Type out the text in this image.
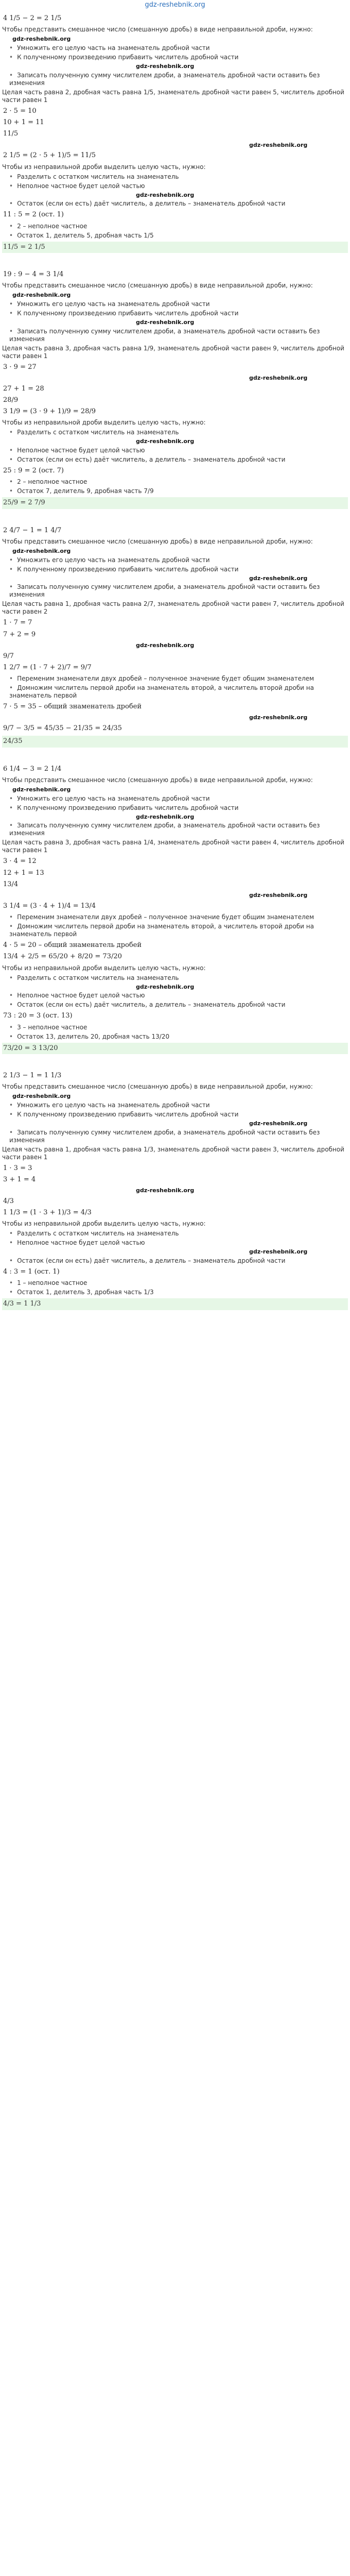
gdz-reshebnik.org
4 1/5 − 2 = 2 1/5
Чтобы представить смешанное число (смешанную дробь) в виде неправильной дроби, нужно:
gdz-reshebnik.org
• Умножить его целую часть на знаменатель дробной части
• К полученному произведению прибавить числитель дробной части
gdz-reshebnik.org
• Записать полученную сумму числителем дроби, а знаменатель дробной части оставить без изменения
Целая часть равна 2, дробная часть равна 1/5, знаменатель дробной части равен 5, числитель дробной части равен 1
2 · 5 = 10
10 + 1 = 11
11/5
gdz-reshebnik.org
2 1/5 = (2 · 5 + 1)/5 = 11/5
Чтобы из неправильной дроби выделить целую часть, нужно:
• Разделить с остатком числитель на знаменатель
• Неполное частное будет целой частью
gdz-reshebnik.org
• Остаток (если он есть) даёт числитель, а делитель – знаменатель дробной части
11 : 5 = 2 (ост. 1)
• 2 – неполное частное
• Остаток 1, делитель 5, дробная часть 1/5
11/5 = 2 1/5
19 : 9 − 4 = 3 1/4
Чтобы представить смешанное число (смешанную дробь) в виде неправильной дроби, нужно:
gdz-reshebnik.org
• Умножить его целую часть на знаменатель дробной части
• К полученному произведению прибавить числитель дробной части
gdz-reshebnik.org
• Записать полученную сумму числителем дроби, а знаменатель дробной части оставить без изменения
Целая часть равна 3, дробная часть равна 1/9, знаменатель дробной части равен 9, числитель дробной части равен 1
3 · 9 = 27
gdz-reshebnik.org
27 + 1 = 28
28/9
3 1/9 = (3 · 9 + 1)/9 = 28/9
Чтобы из неправильной дроби выделить целую часть, нужно:
• Разделить с остатком числитель на знаменатель
gdz-reshebnik.org
• Неполное частное будет целой частью
• Остаток (если он есть) даёт числитель, а делитель – знаменатель дробной части
25 : 9 = 2 (ост. 7)
• 2 – неполное частное
• Остаток 7, делитель 9, дробная часть 7/9
25/9 = 2 7/9
2 4/7 − 1 = 1 4/7
Чтобы представить смешанное число (смешанную дробь) в виде неправильной дроби, нужно:
gdz-reshebnik.org
• Умножить его целую часть на знаменатель дробной части
• К полученному произведению прибавить числитель дробной части
gdz-reshebnik.org
• Записать полученную сумму числителем дроби, а знаменатель дробной части оставить без изменения
Целая часть равна 1, дробная часть равна 2/7, знаменатель дробной части равен 7, числитель дробной части равен 2
1 · 7 = 7
7 + 2 = 9
gdz-reshebnik.org
9/7
1 2/7 = (1 · 7 + 2)/7 = 9/7
• Переменим знаменатели двух дробей – полученное значение будет общим знаменателем
• Домножим числитель первой дроби на знаменатель второй, а числитель второй дроби на знаменатель первой
7 · 5 = 35 – общий знаменатель дробей
gdz-reshebnik.org
9/7 − 3/5 = 45/35 − 21/35 = 24/35
24/35
6 1/4 − 3 = 2 1/4
Чтобы представить смешанное число (смешанную дробь) в виде неправильной дроби, нужно:
gdz-reshebnik.org
• Умножить его целую часть на знаменатель дробной части
• К полученному произведению прибавить числитель дробной части
gdz-reshebnik.org
• Записать полученную сумму числителем дроби, а знаменатель дробной части оставить без изменения
Целая часть равна 3, дробная часть равна 1/4, знаменатель дробной части равен 4, числитель дробной части равен 1
3 · 4 = 12
12 + 1 = 13
13/4
gdz-reshebnik.org
3 1/4 = (3 · 4 + 1)/4 = 13/4
• Переменим знаменатели двух дробей – полученное значение будет общим знаменателем
• Домножим числитель первой дроби на знаменатель второй, а числитель второй дроби на знаменатель первой
4 · 5 = 20 – общий знаменатель дробей
13/4 + 2/5 = 65/20 + 8/20 = 73/20
Чтобы из неправильной дроби выделить целую часть, нужно:
• Разделить с остатком числитель на знаменатель
gdz-reshebnik.org
• Неполное частное будет целой частью
• Остаток (если он есть) даёт числитель, а делитель – знаменатель дробной части
73 : 20 = 3 (ост. 13)
• 3 – неполное частное
• Остаток 13, делитель 20, дробная часть 13/20
73/20 = 3 13/20
2 1/3 − 1 = 1 1/3
Чтобы представить смешанное число (смешанную дробь) в виде неправильной дроби, нужно:
gdz-reshebnik.org
• Умножить его целую часть на знаменатель дробной части
• К полученному произведению прибавить числитель дробной части
gdz-reshebnik.org
• Записать полученную сумму числителем дроби, а знаменатель дробной части оставить без изменения
Целая часть равна 1, дробная часть равна 1/3, знаменатель дробной части равен 3, числитель дробной части равен 1
1 · 3 = 3
3 + 1 = 4
gdz-reshebnik.org
4/3
1 1/3 = (1 · 3 + 1)/3 = 4/3
Чтобы из неправильной дроби выделить целую часть, нужно:
• Разделить с остатком числитель на знаменатель
• Неполное частное будет целой частью
gdz-reshebnik.org
• Остаток (если он есть) даёт числитель, а делитель – знаменатель дробной части
4 : 3 = 1 (ост. 1)
• 1 – неполное частное
• Остаток 1, делитель 3, дробная часть 1/3
4/3 = 1 1/3
